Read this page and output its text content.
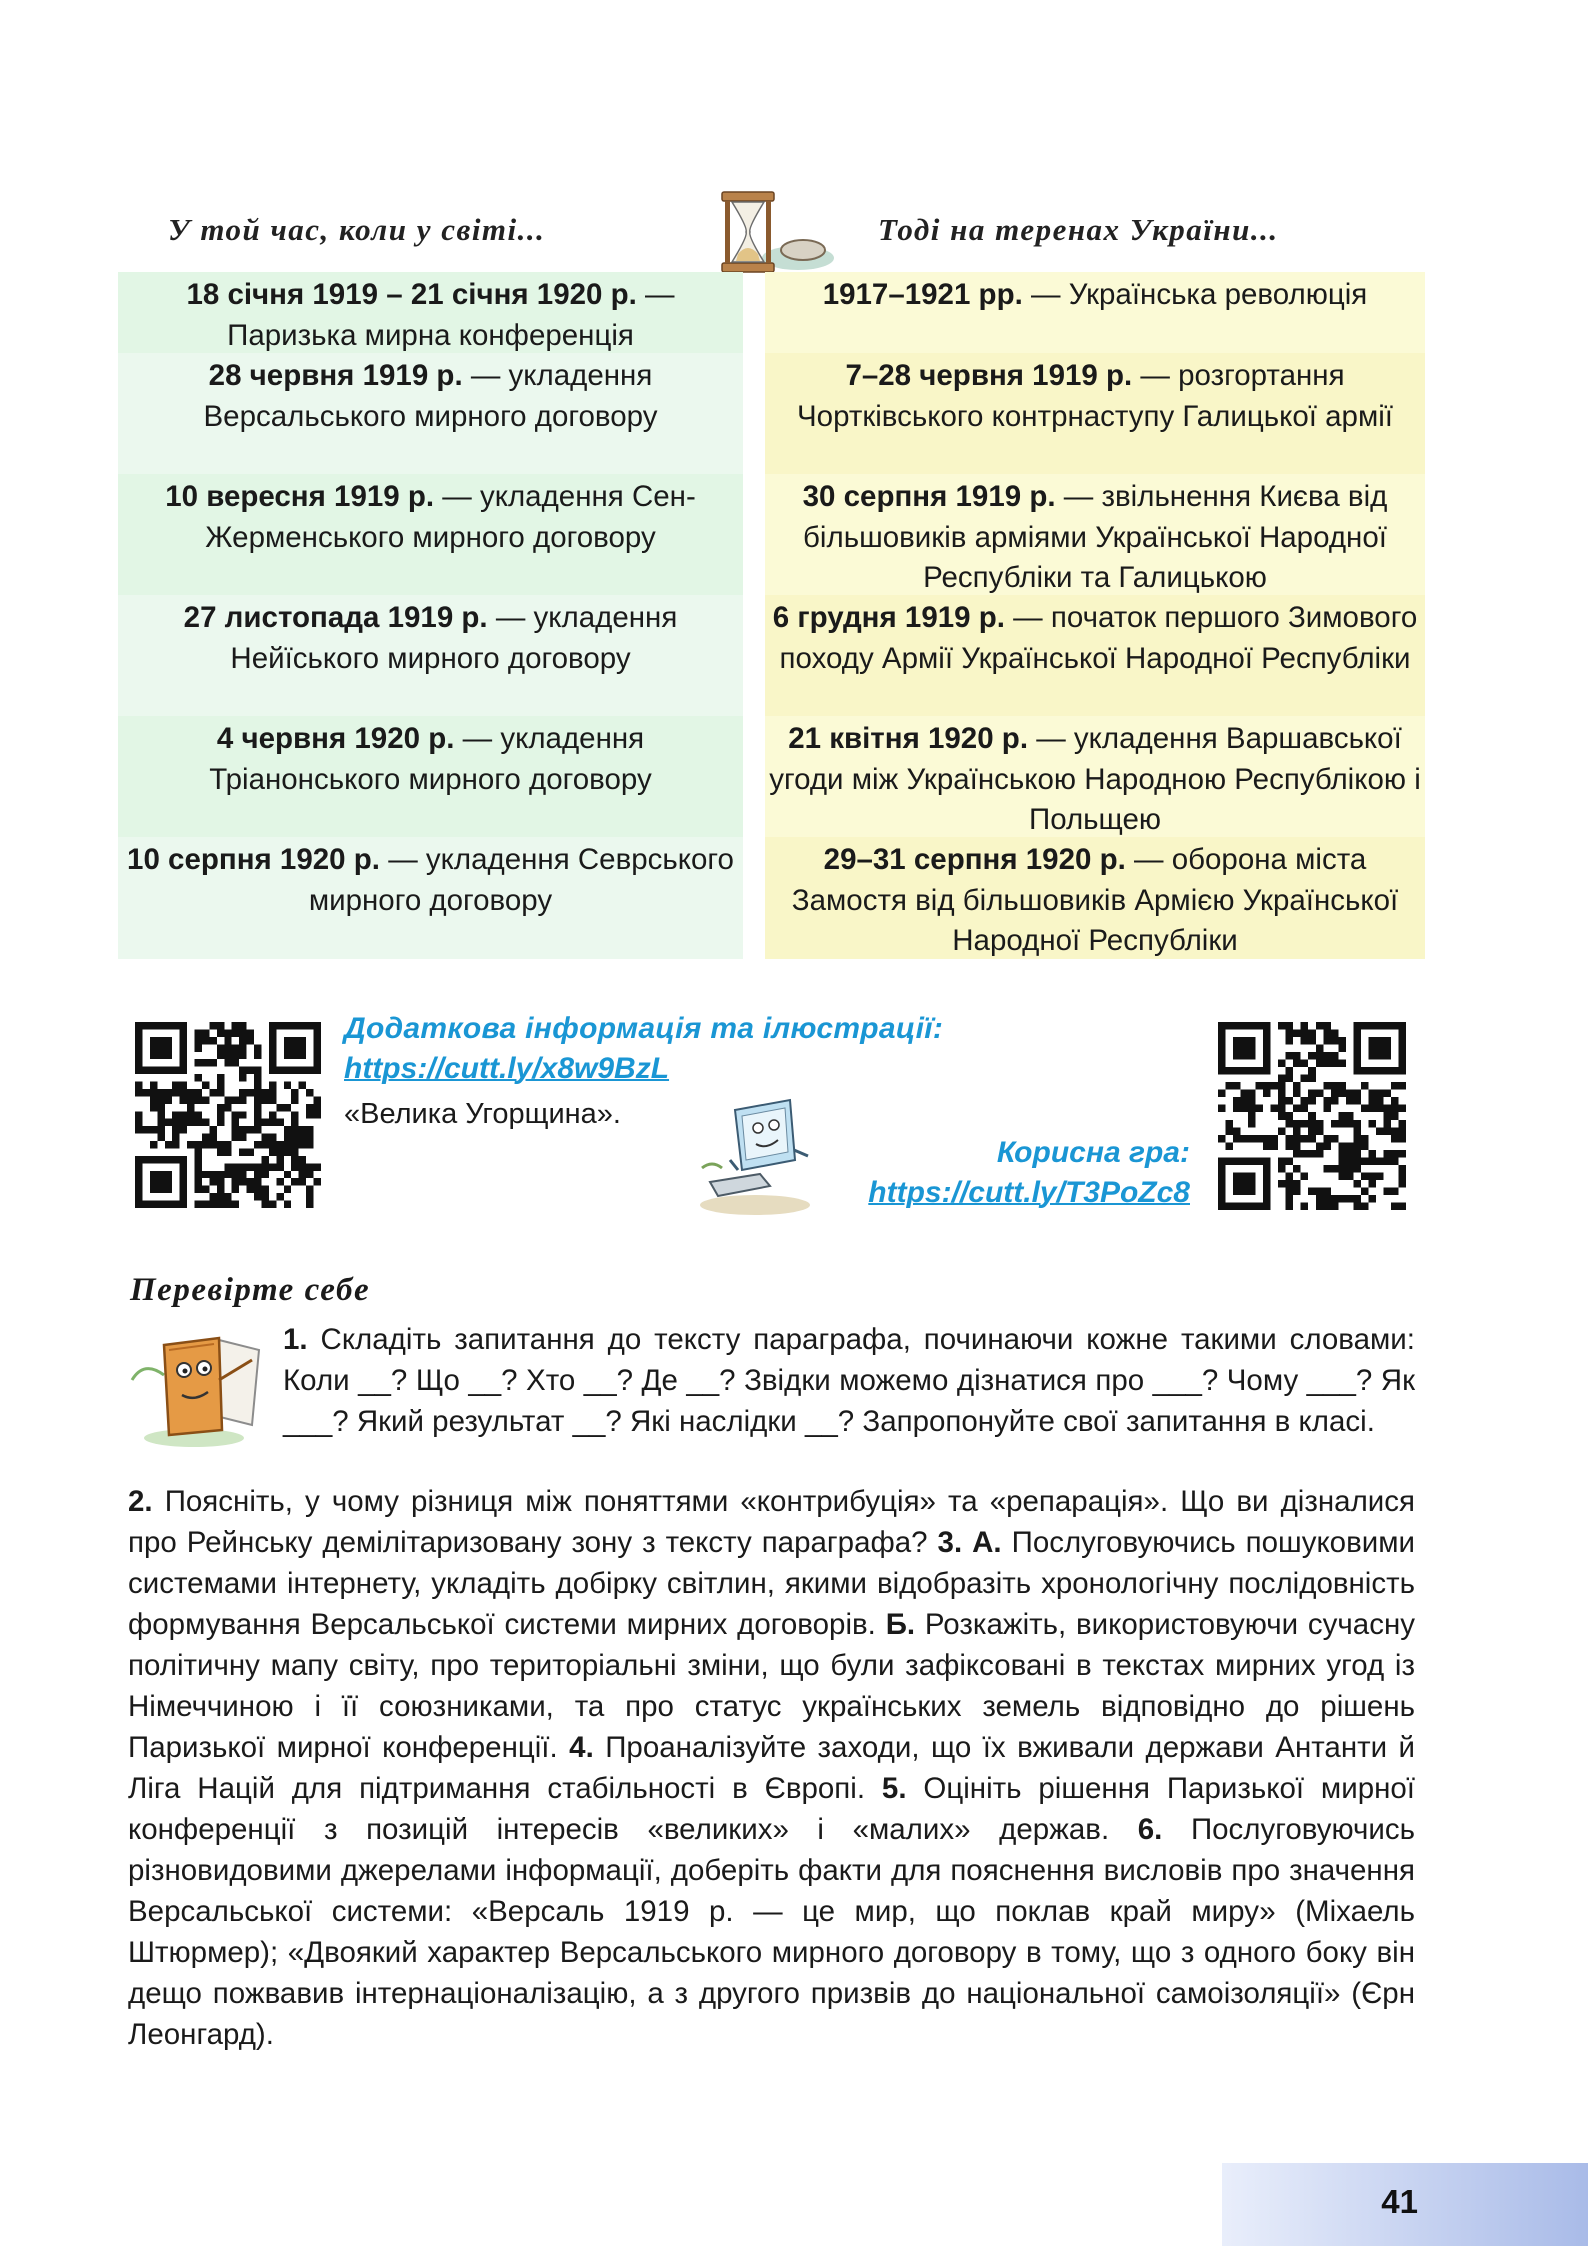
У той час, коли у світі...	Тоді на теренах України...
18 січня 1919 – 21 січня 1920 р. — Паризька мирна конференція
28 червня 1919 р. — укладення Версальського мирного договору
10 вересня 1919 р. — укладення Сен-Жерменського мирного договору
27 листопада 1919 р. — укладення Нейїського мирного договору
4 червня 1920 р. — укладення Тріанонського мирного договору
10 серпня 1920 р. — укладення Севрського мирного договору
1917–1921 рр. — Українська революція
7–28 червня 1919 р. — розгортання Чортківського контрнаступу Галицької армії
30 серпня 1919 р. — звільнення Києва від більшовиків арміями Української Народної Республіки та Галицькою
6 грудня 1919 р. — початок першого Зимового походу Армії Української Народної Республіки
21 квітня 1920 р. — укладення Варшавської угоди між Українською Народною Республікою і Польщею
29–31 серпня 1920 р. — оборона міста Замостя від більшовиків Армією Української Народної Республіки
Додаткова інформація та ілюстрації:
https://cutt.ly/x8w9BzL
«Велика Угорщина».
Корисна гра:
https://cutt.ly/T3PoZc8
Перевірте себе
1. Складіть запитання до тексту параграфа, починаючи кожне такими словами: Коли __? Що __? Хто __? Де __? Звідки можемо дізнатися про ___? Чому ___? Як ___? Який результат __? Які наслідки __? Запропонуйте свої запитання в класі.
2. Поясніть, у чому різниця між поняттями «контрибуція» та «репарація». Що ви дізналися про Рейнську демілітаризовану зону з тексту параграфа? 3. А. Послуговуючись пошуковими системами інтернету, укладіть добірку світлин, якими відобразіть хронологічну послідовність формування Версальської системи мирних договорів. Б. Розкажіть, використовуючи сучасну політичну мапу світу, про територіальні зміни, що були зафіксовані в текстах мирних угод із Німеччиною і її союзниками, та про статус українських земель відповідно до рішень Паризької мирної конференції. 4. Проаналізуйте заходи, що їх вживали держави Антанти й Ліга Націй для підтримання стабільності в Європі. 5. Оцініть рішення Паризької мирної конференції з позицій інтересів «великих» і «малих» держав. 6. Послуговуючись різновидовими джерелами інформації, доберіть факти для пояснення висловів про значення Версальської системи: «Версаль 1919 р. — це мир, що поклав край миру» (Міхаель Штюрмер); «Двоякий характер Версальського мирного договору в тому, що з одного боку він дещо пожвавив інтернаціоналізацію, а з другого призвів до національної самоізоляції» (Єрн Леонгард).
41
